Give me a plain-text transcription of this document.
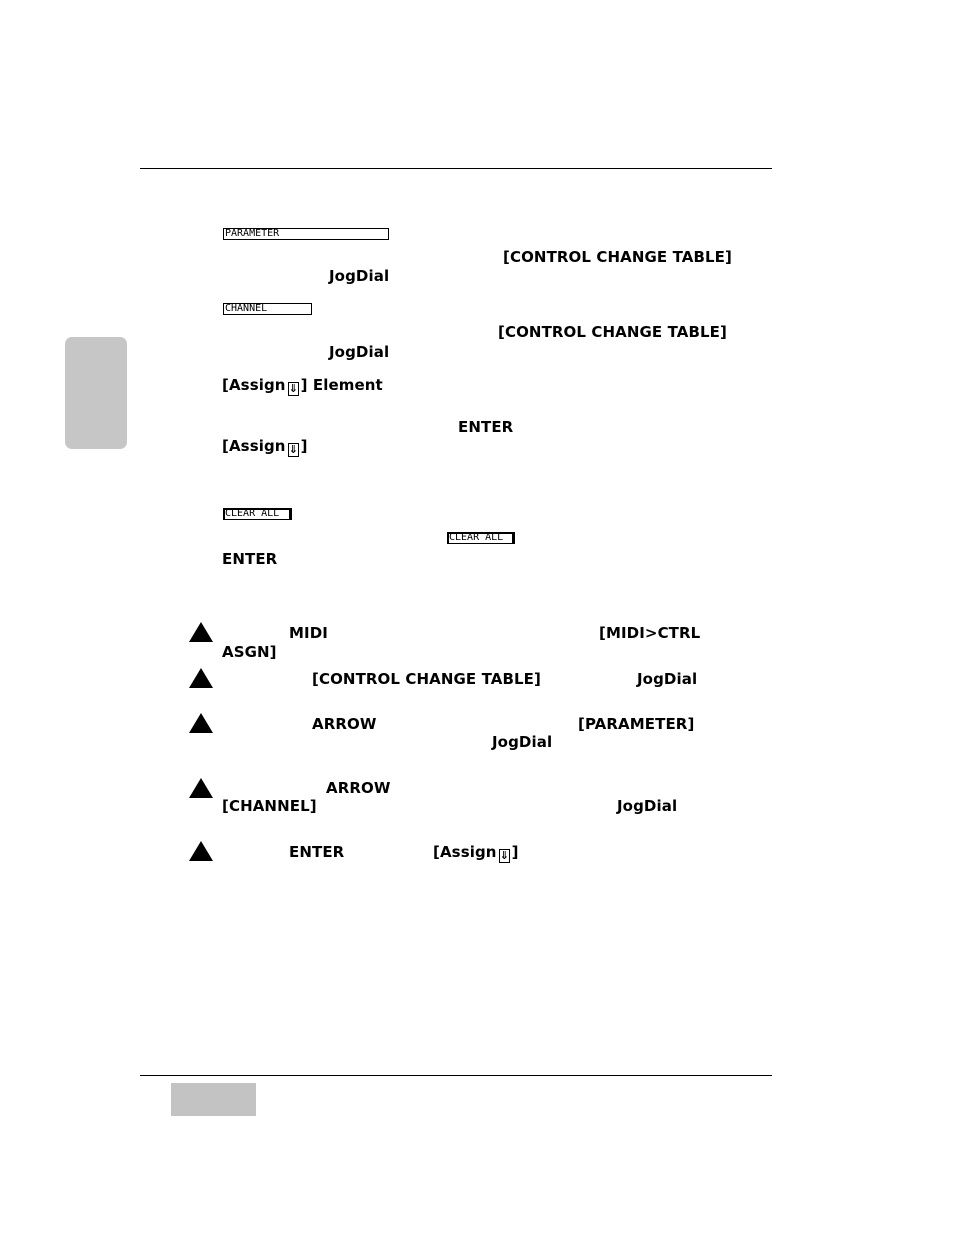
PARAMETER
[CONTROL CHANGE TABLE]
JogDial
CHANNEL
[CONTROL CHANGE TABLE]
JogDial
[Assign ⇓ ] Element
ENTER
[Assign ⇓ ]
CLEAR ALL
CLEAR ALL
ENTER
MIDI	[MIDI>CTRL
ASGN]
[CONTROL CHANGE TABLE]	JogDial
ARROW	[PARAMETER]
JogDial
ARROW
[CHANNEL]	JogDial
ENTER	[Assign ⇓ ]
